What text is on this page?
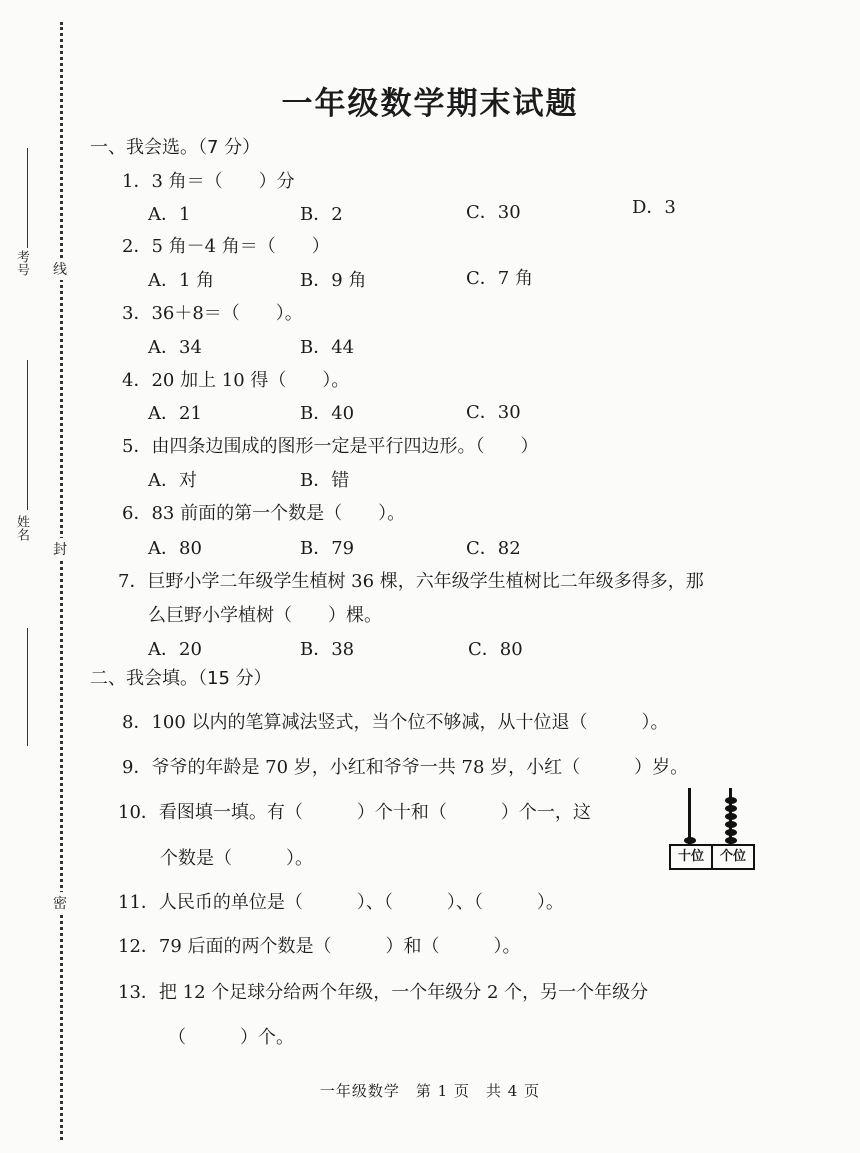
考号
姓名
线
封
密
一年级数学期末试题
一、我会选。（7 分）
1．3 角＝（　　）分
A．1	B．2	C．30	D．3
2．5 角－4 角＝（　　）
A．1 角	B．9 角	C．7 角
3．36＋8＝（　　）。
A．34	B．44
4．20 加上 10 得（　　）。
A．21	B．40	C．30
5．由四条边围成的图形一定是平行四边形。（　　）
A．对	B．错
6．83 前面的第一个数是（　　）。
A．80	B．79	C．82
7．巨野小学二年级学生植树 36 棵，六年级学生植树比二年级多得多，那
么巨野小学植树（　　）棵。
A．20	B．38	C．80
二、我会填。（15 分）
8．100 以内的笔算减法竖式，当个位不够减，从十位退（　　　）。
9．爷爷的年龄是 70 岁，小红和爷爷一共 78 岁，小红（　　　）岁。
10．看图填一填。有（　　　）个十和（　　　）个一，这
个数是（　　　）。	十位	个位
11．人民币的单位是（　　　）、（　　　）、（　　　）。
12．79 后面的两个数是（　　　）和（　　　）。
13．把 12 个足球分给两个年级，一个年级分 2 个，另一个年级分
（　　　）个。
一年级数学　第 1 页　共 4 页
